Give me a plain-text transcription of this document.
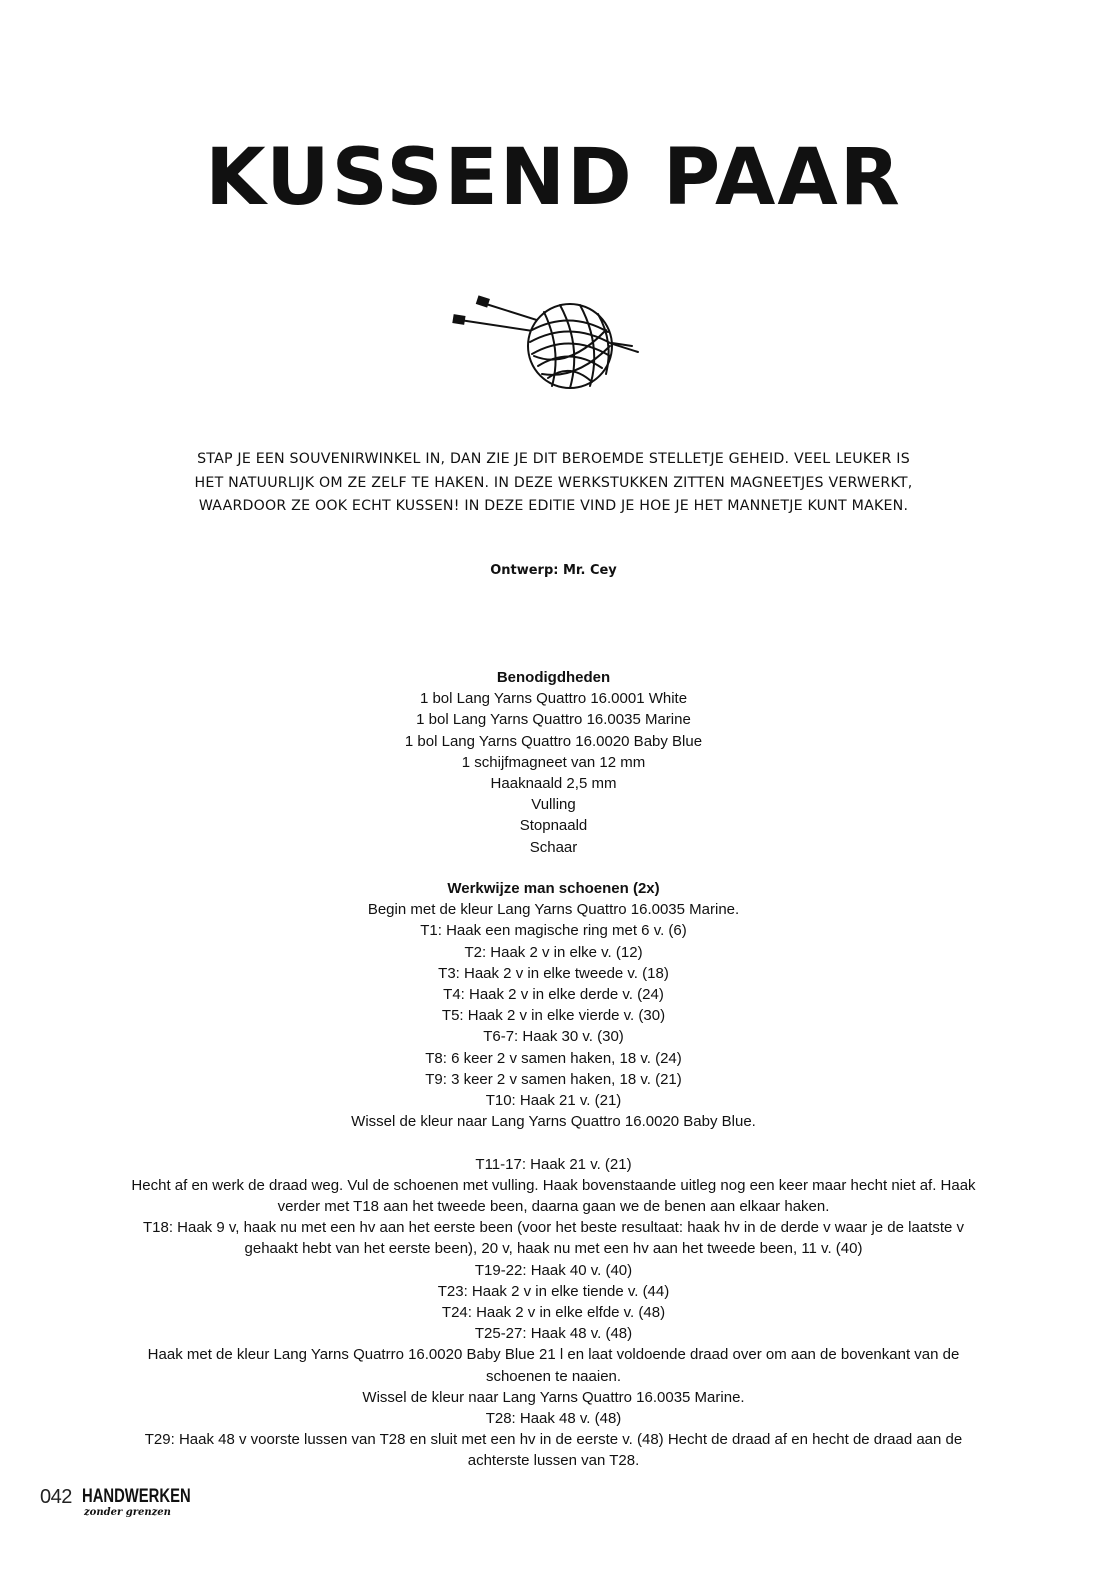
KUSSEND PAAR

STAP JE EEN SOUVENIRWINKEL IN, DAN ZIE JE DIT BEROEMDE STELLETJE GEHEID. VEEL LEUKER IS HET NATUURLIJK OM ZE ZELF TE HAKEN. IN DEZE WERKSTUKKEN ZITTEN MAGNEETJES VERWERKT, WAARDOOR ZE OOK ECHT KUSSEN! IN DEZE EDITIE VIND JE HOE JE HET MANNETJE KUNT MAKEN.

Ontwerp: Mr. Cey
Benodigdheden
1 bol Lang Yarns Quattro 16.0001 White
1 bol Lang Yarns Quattro 16.0035 Marine
1 bol Lang Yarns Quattro 16.0020 Baby Blue
1 schijfmagneet van 12 mm
Haaknaald 2,5 mm
Vulling
Stopnaald
Schaar
Werkwijze man schoenen (2x)
Begin met de kleur Lang Yarns Quattro 16.0035 Marine.
T1: Haak een magische ring met 6 v. (6)
T2: Haak 2 v in elke v. (12)
T3: Haak 2 v in elke tweede v. (18)
T4: Haak 2 v in elke derde v. (24)
T5: Haak 2 v in elke vierde v. (30)
T6-7: Haak 30 v. (30)
T8: 6 keer 2 v samen haken, 18 v. (24)
T9: 3 keer 2 v samen haken, 18 v. (21)
T10: Haak 21 v. (21)
Wissel de kleur naar Lang Yarns Quattro 16.0020 Baby Blue.
T11-17: Haak 21 v. (21)
Hecht af en werk de draad weg. Vul de schoenen met vulling. Haak bovenstaande uitleg nog een keer maar hecht niet af. Haak verder met T18 aan het tweede been, daarna gaan we de benen aan elkaar haken.
T18: Haak 9 v, haak nu met een hv aan het eerste been (voor het beste resultaat: haak hv in de derde v waar je de laatste v gehaakt hebt van het eerste been), 20 v, haak nu met een hv aan het tweede been, 11 v. (40)
T19-22: Haak 40 v. (40)
T23: Haak 2 v in elke tiende v. (44)
T24: Haak 2 v in elke elfde v. (48)
T25-27: Haak 48 v. (48)
Haak met de kleur Lang Yarns Quatrro 16.0020 Baby Blue 21 l en laat voldoende draad over om aan de bovenkant van de schoenen te naaien.
Wissel de kleur naar Lang Yarns Quattro 16.0035 Marine.
T28: Haak 48 v. (48)
T29: Haak 48 v voorste lussen van T28 en sluit met een hv in de eerste v. (48) Hecht de draad af en hecht de draad aan de achterste lussen van T28.
042 HANDWERKEN
zonder grenzen
